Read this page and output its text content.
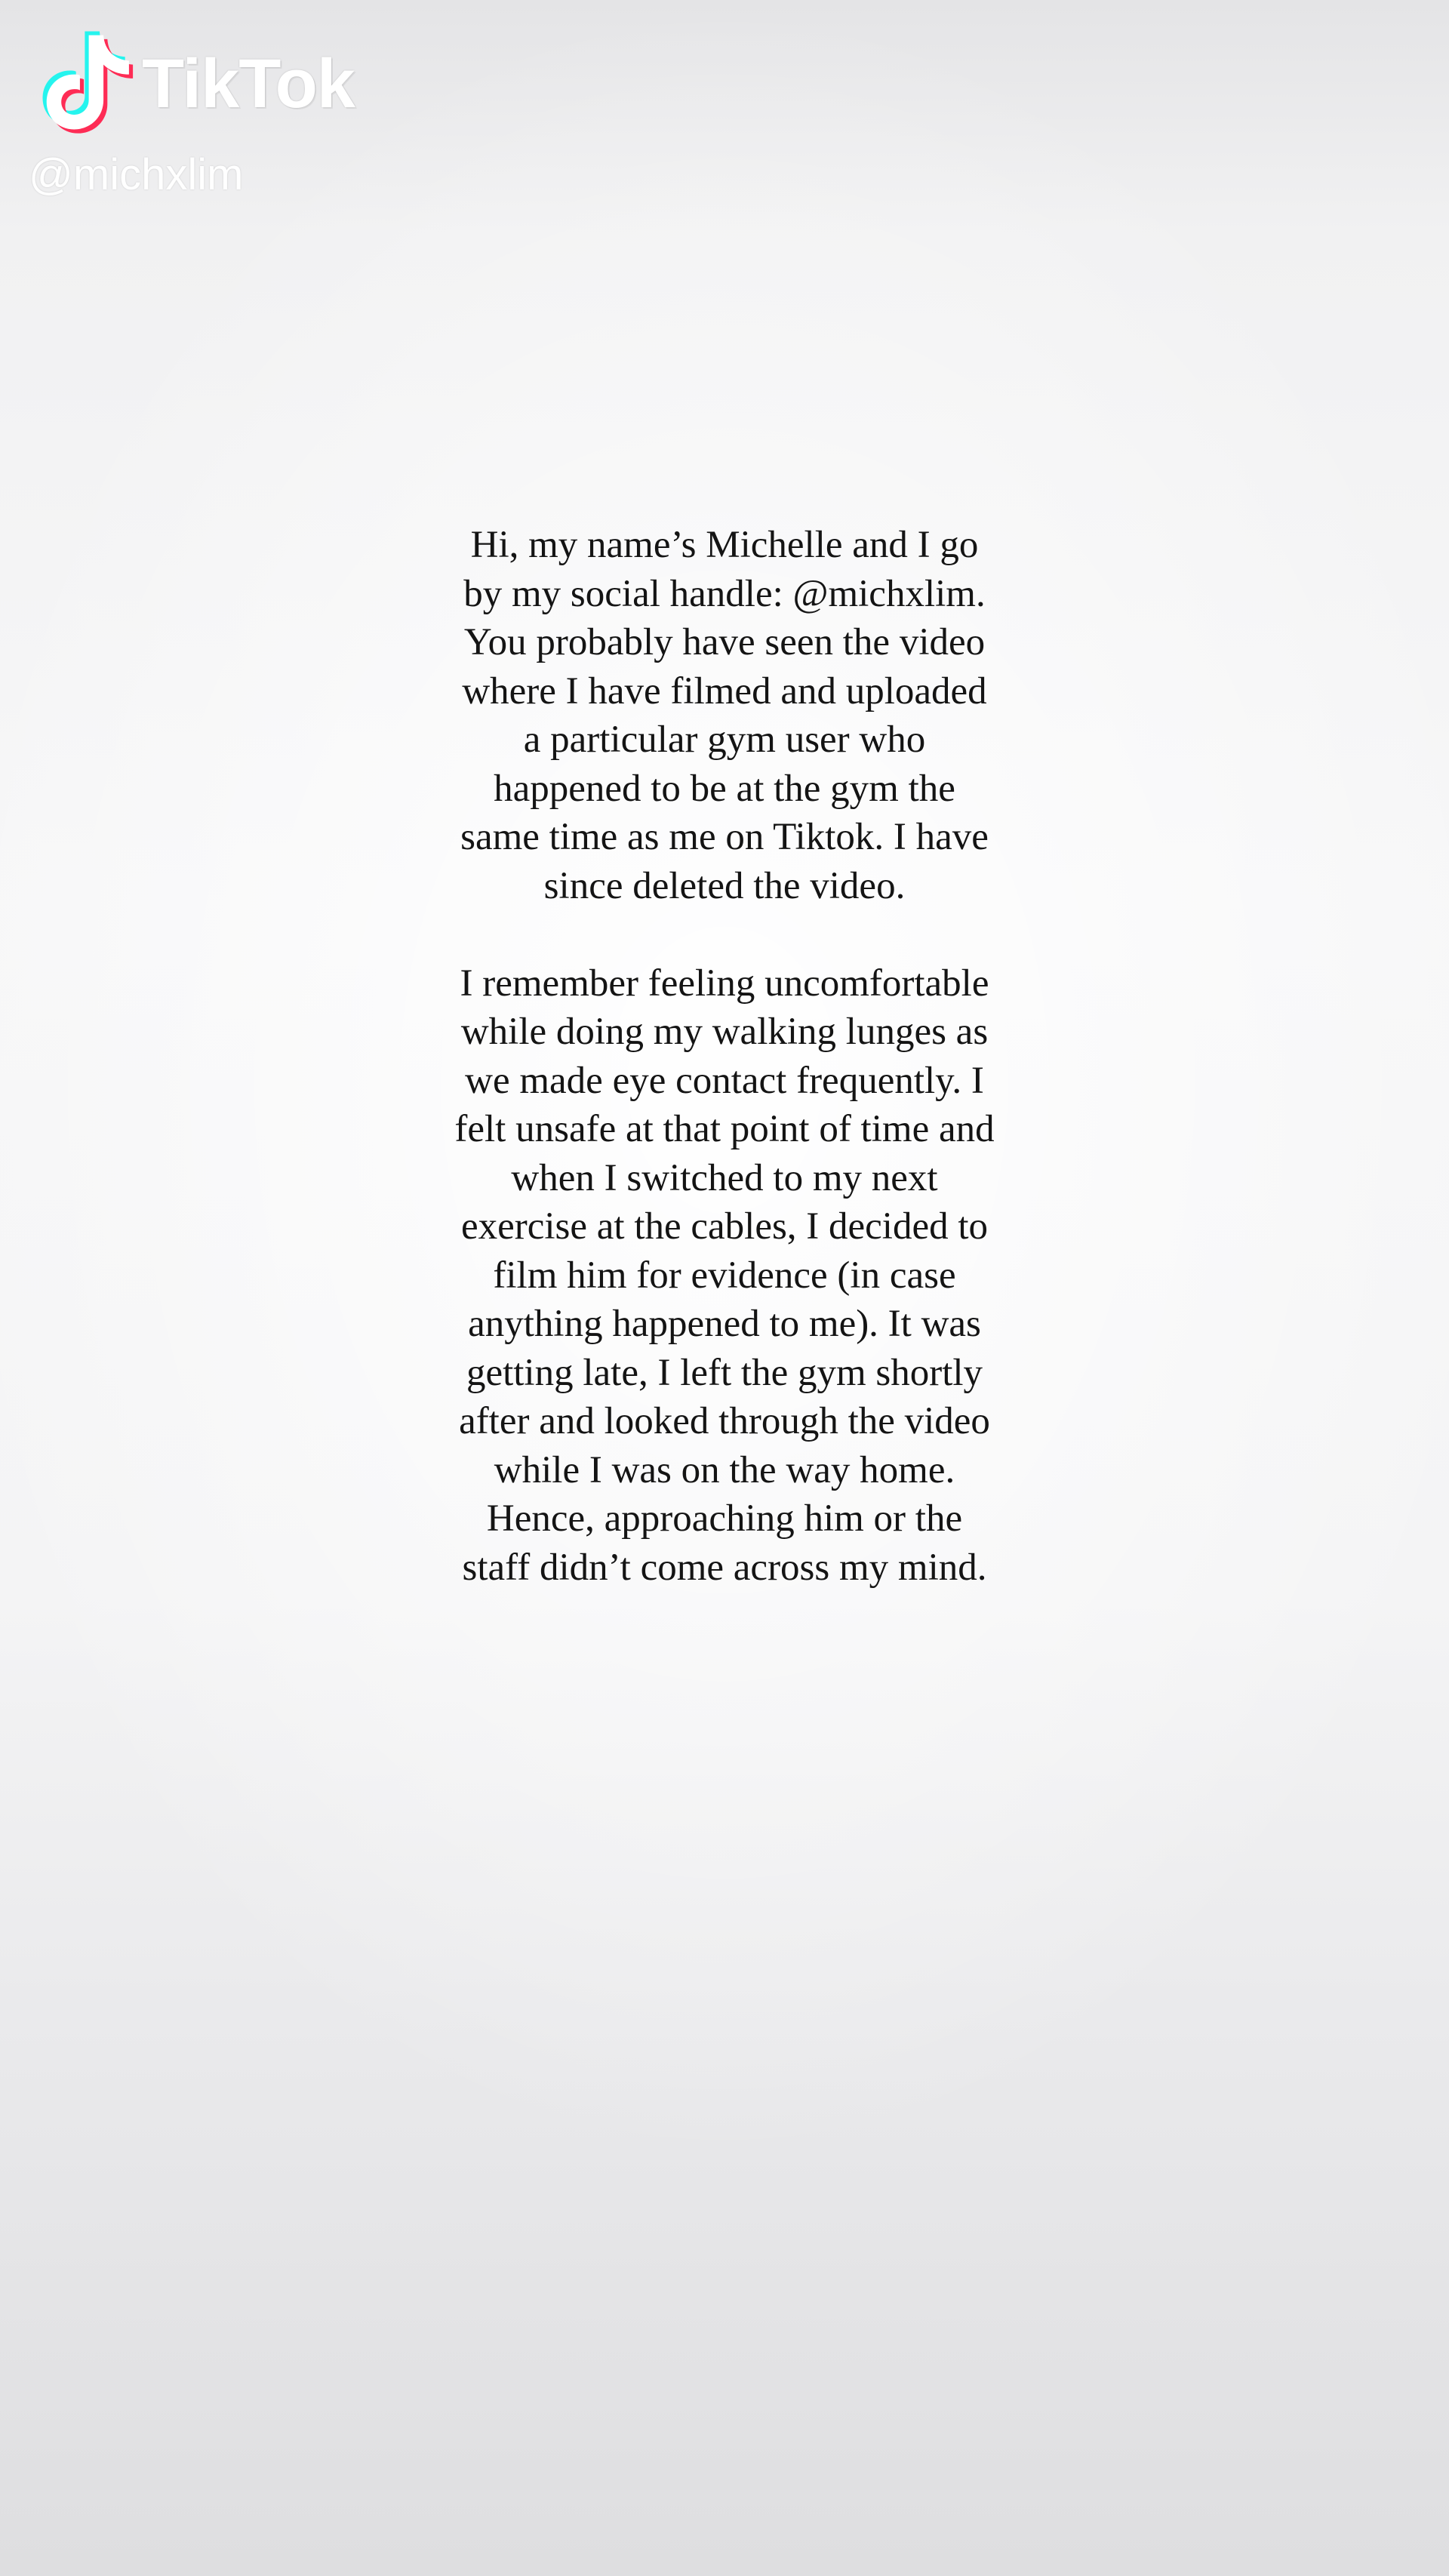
TikTok
@michxlim

Hi, my name’s Michelle and I go by my social handle: @michxlim. You probably have seen the video where I have filmed and uploaded a particular gym user who happened to be at the gym the same time as me on Tiktok. I have since deleted the video.

I remember feeling uncomfortable while doing my walking lunges as we made eye contact frequently. I felt unsafe at that point of time and when I switched to my next exercise at the cables, I decided to film him for evidence (in case anything happened to me). It was getting late, I left the gym shortly after and looked through the video while I was on the way home. Hence, approaching him or the staff didn’t come across my mind.
